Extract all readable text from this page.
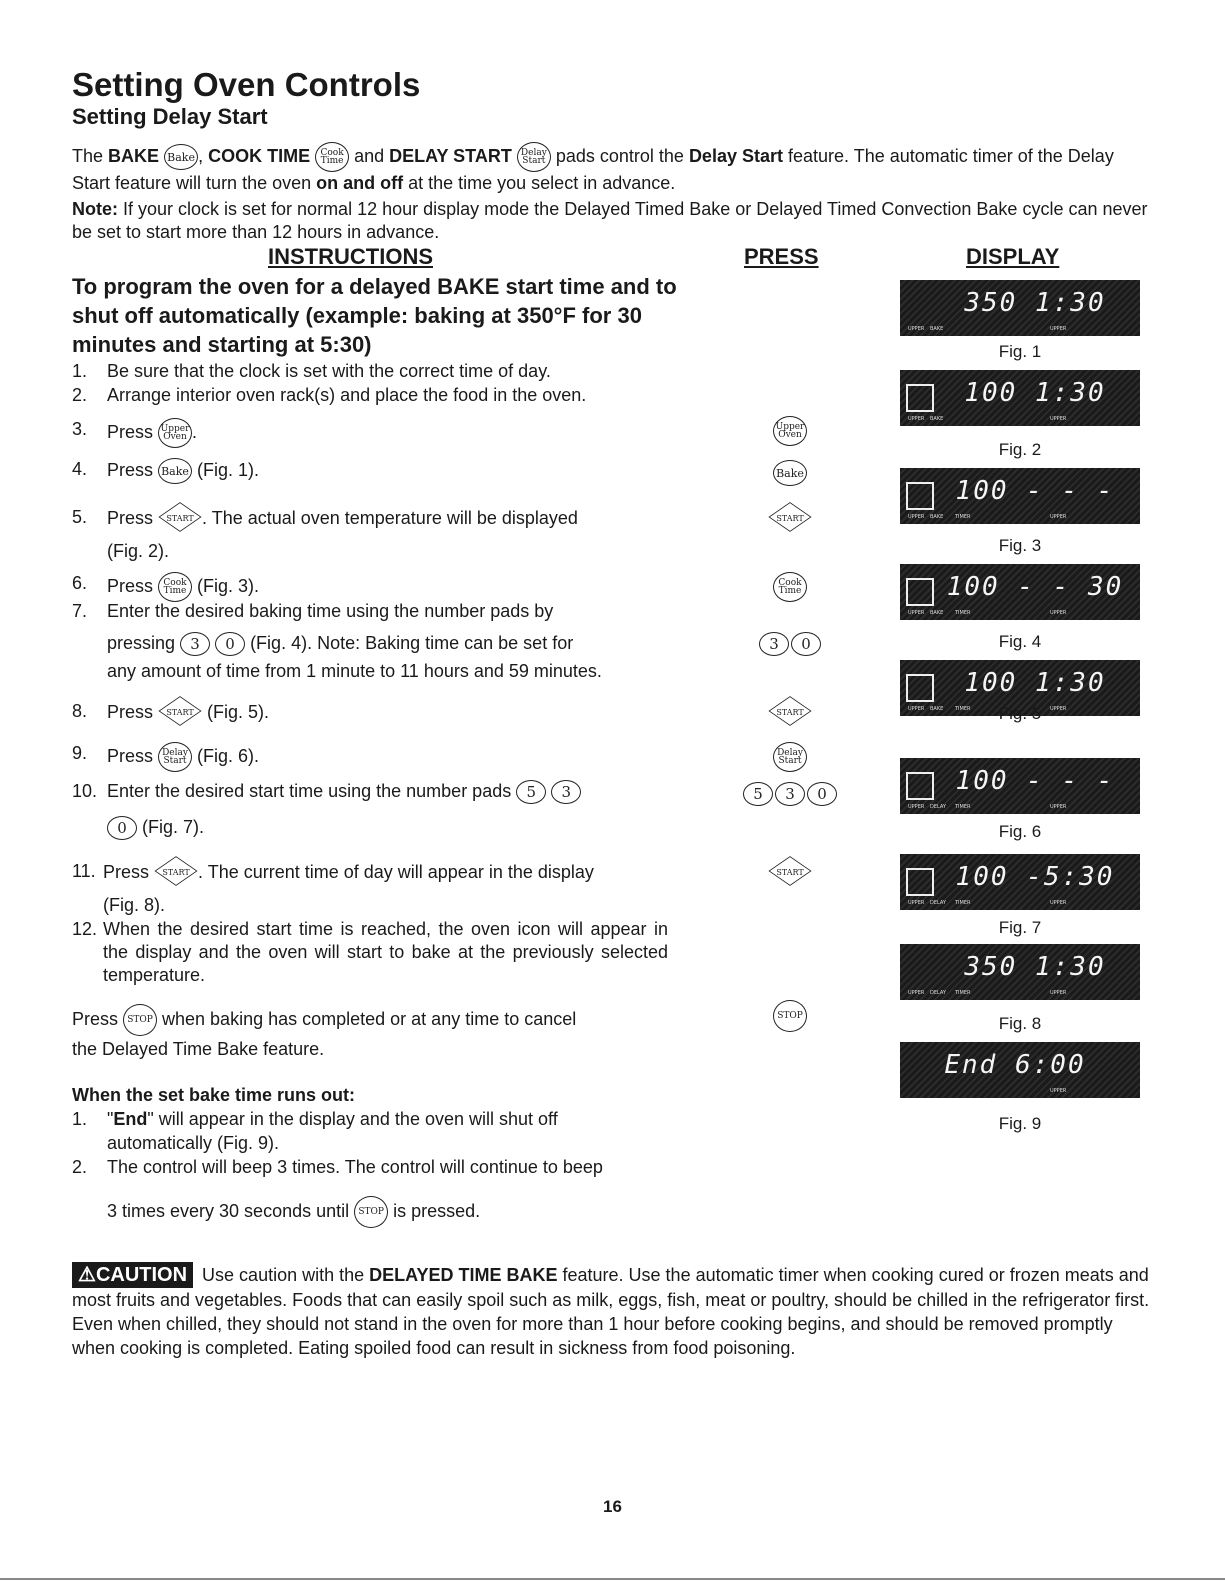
Setting Oven Controls
Setting Delay Start
The BAKE Bake , COOK TIME Cook
Time and DELAY START Delay
Start pads control the Delay Start feature. The automatic timer of the Delay Start feature will turn the oven on and off at the time you select in advance.
Note: If your clock is set for normal 12 hour display mode the Delayed Timed Bake or Delayed Timed Convection Bake cycle can never be set to start more than 12 hours in advance.
INSTRUCTIONS	PRESS	DISPLAY
To program the oven for a delayed BAKE start time and to shut off automatically (example: baking at 350°F for 30 minutes and starting at 5:30)
1. Be sure that the clock is set with the correct time of day.
2. Arrange interior oven rack(s) and place the food in the oven.
3. Press Upper
Oven .
4. Press Bake (Fig. 1).
5. Press START . The actual oven temperature will be displayed
(Fig. 2).
6. Press Cook
Time (Fig. 3).
7. Enter the desired baking time using the number pads by
pressing 3 0 (Fig. 4). Note: Baking time can be set for
any amount of time from 1 minute to 11 hours and 59 minutes.
8. Press START (Fig. 5).
9. Press Delay
Start (Fig. 6).
10. Enter the desired start time using the number pads 5 3
0 (Fig. 7).
11. Press START . The current time of day will appear in the display
(Fig. 8).
12. When the desired start time is reached, the oven icon will appear in the display and the oven will start to bake at the previously selected temperature.
Press STOP when baking has completed or at any time to cancel
the Delayed Time Bake feature.
When the set bake time runs out:
1. "End" will appear in the display and the oven will shut off
automatically (Fig. 9).
2. The control will beep 3 times. The control will continue to beep
3 times every 30 seconds until STOP is pressed.
Upper
Oven
Bake
START
Cook
Time
3 0
START
Delay
Start
5 3 0
START
STOP
350 1:30
UPPER BAKE	UPPER
Fig. 1
100 1:30
UPPER BAKE	UPPER
Fig. 2
100 - - -
UPPER BAKE TIMER	UPPER
Fig. 3
100 - - 30
UPPER BAKE TIMER	UPPER
Fig. 4
100 1:30
UPPER BAKE TIMER	UPPER
Fig. 5
100 - - -
UPPER DELAY TIMER	UPPER
Fig. 6
100 -5:30
UPPER DELAY TIMER	UPPER
Fig. 7
350 1:30
UPPER DELAY TIMER	UPPER
Fig. 8
End 6:00
UPPER
Fig. 9
⚠CAUTION Use caution with the DELAYED TIME BAKE feature. Use the automatic timer when cooking cured or frozen meats and most fruits and vegetables. Foods that can easily spoil such as milk, eggs, fish, meat or poultry, should be chilled in the refrigerator first. Even when chilled, they should not stand in the oven for more than 1 hour before cooking begins, and should be removed promptly when cooking is completed. Eating spoiled food can result in sickness from food poisoning.
16
